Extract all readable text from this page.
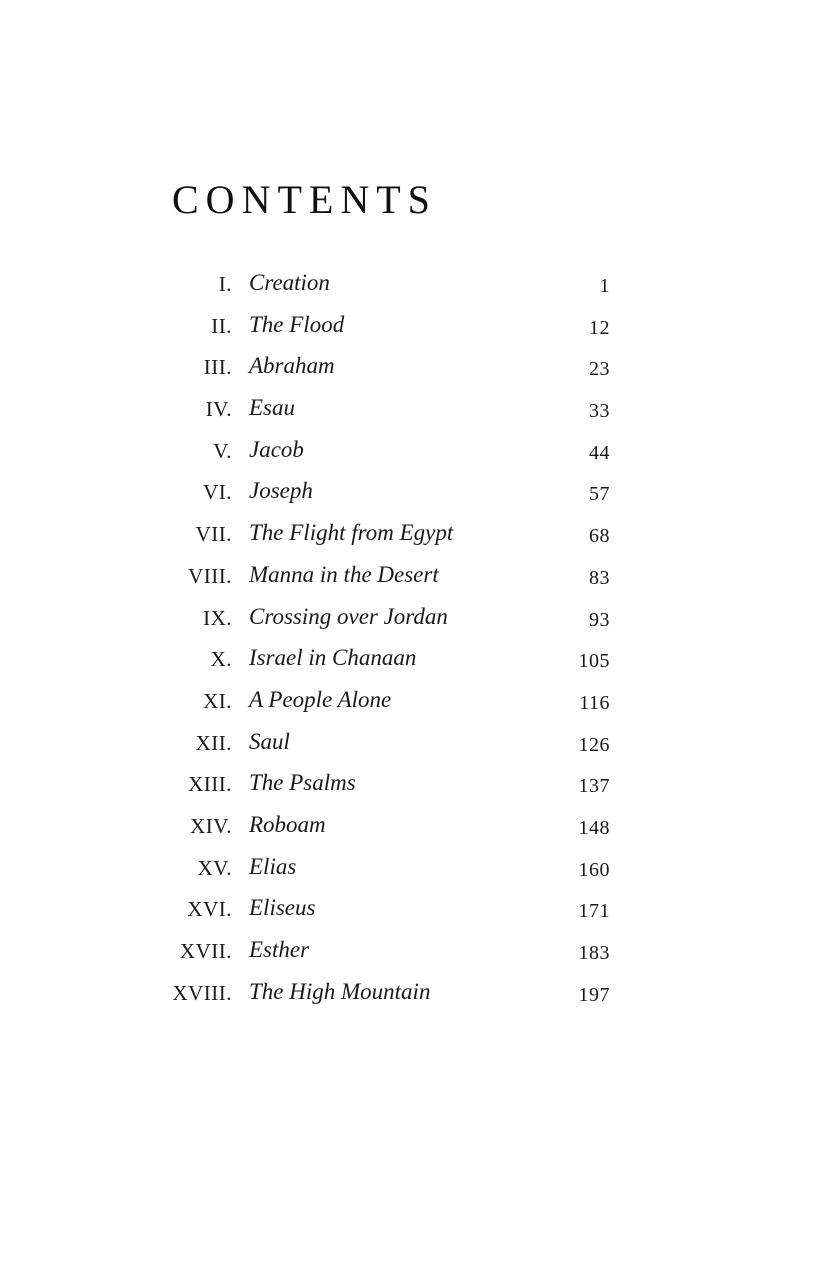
CONTENTS
I. Creation	1
II. The Flood	12
III. Abraham	23
IV. Esau	33
V. Jacob	44
VI. Joseph	57
VII. The Flight from Egypt	68
VIII. Manna in the Desert	83
IX. Crossing over Jordan	93
X. Israel in Chanaan	105
XI. A People Alone	116
XII. Saul	126
XIII. The Psalms	137
XIV. Roboam	148
XV. Elias	160
XVI. Eliseus	171
XVII. Esther	183
XVIII. The High Mountain	197
